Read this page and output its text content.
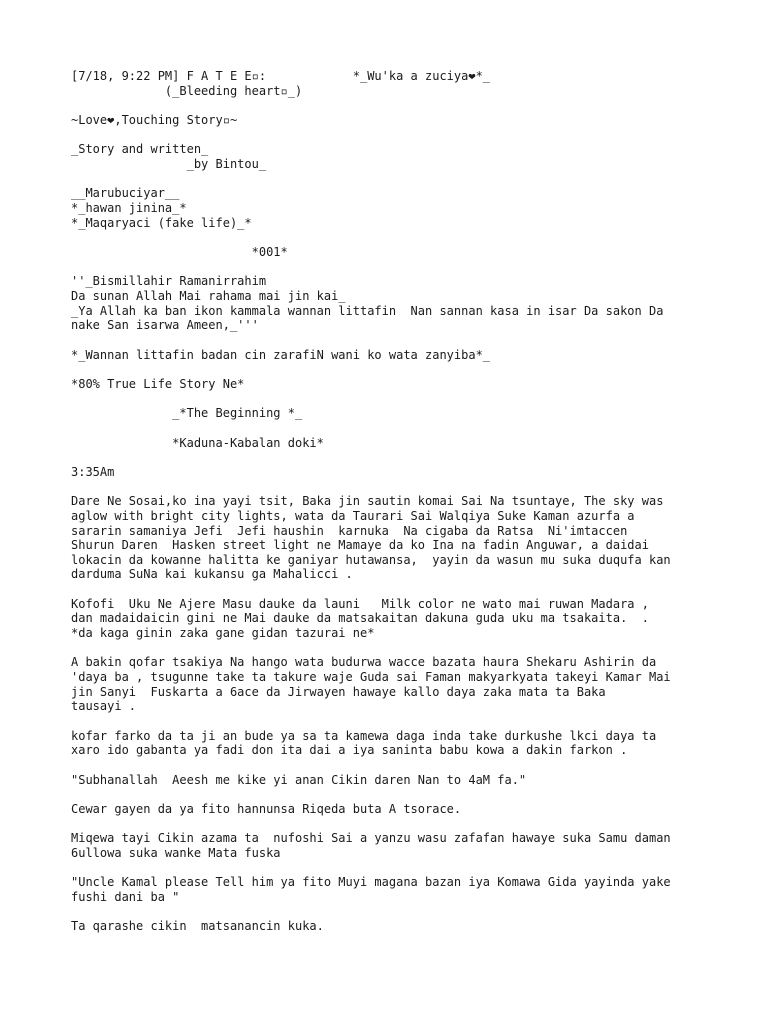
[7/18, 9:22 PM] F A T E E▫:            *_Wu'ka a zuciya❤*_
(_Bleeding heart▫_)
~Love❤,Touching Story▫~
_Story and written_
_by Bintou_
__Marubuciyar__
*_hawan jinina_*
*_Maqaryaci (fake life)_*
*001*
''_Bismillahir Ramanirrahim
Da sunan Allah Mai rahama mai jin kai_
_Ya Allah ka ban ikon kammala wannan littafin  Nan sannan kasa in isar Da sakon Da
nake San isarwa Ameen,_'''
*_Wannan littafin badan cin zarafiN wani ko wata zanyiba*_
*80% True Life Story Ne*
_*The Beginning *_
*Kaduna-Kabalan doki*
3:35Am
Dare Ne Sosai,ko ina yayi tsit, Baka jin sautin komai Sai Na tsuntaye, The sky was
aglow with bright city lights, wata da Taurari Sai Walqiya Suke Kaman azurfa a
sararin samaniya Jefi  Jefi haushin  karnuka  Na cigaba da Ratsa  Ni'imtaccen
Shurun Daren  Hasken street light ne Mamaye da ko Ina na fadin Anguwar, a daidai
lokacin da kowanne halitta ke ganiyar hutawansa,  yayin da wasun mu suka duqufa kan
darduma SuNa kai kukansu ga Mahalicci .
Kofofi  Uku Ne Ajere Masu dauke da launi   Milk color ne wato mai ruwan Madara ,
dan madaidaicin gini ne Mai dauke da matsakaitan dakuna guda uku ma tsakaita.  .
*da kaga ginin zaka gane gidan tazurai ne*
A bakin qofar tsakiya Na hango wata budurwa wacce bazata haura Shekaru Ashirin da
'daya ba , tsugunne take ta takure waje Guda sai Faman makyarkyata takeyi Kamar Mai
jin Sanyi  Fuskarta a 6ace da Jirwayen hawaye kallo daya zaka mata ta Baka
tausayi .
kofar farko da ta ji an bude ya sa ta kamewa daga inda take durkushe lkci daya ta
xaro ido gabanta ya fadi don ita dai a iya saninta babu kowa a dakin farkon .
"Subhanallah  Aeesh me kike yi anan Cikin daren Nan to 4aM fa."
Cewar gayen da ya fito hannunsa Riqeda buta A tsorace.
Miqewa tayi Cikin azama ta  nufoshi Sai a yanzu wasu zafafan hawaye suka Samu daman
6ullowa suka wanke Mata fuska
"Uncle Kamal please Tell him ya fito Muyi magana bazan iya Komawa Gida yayinda yake
fushi dani ba "
Ta qarashe cikin  matsanancin kuka.
